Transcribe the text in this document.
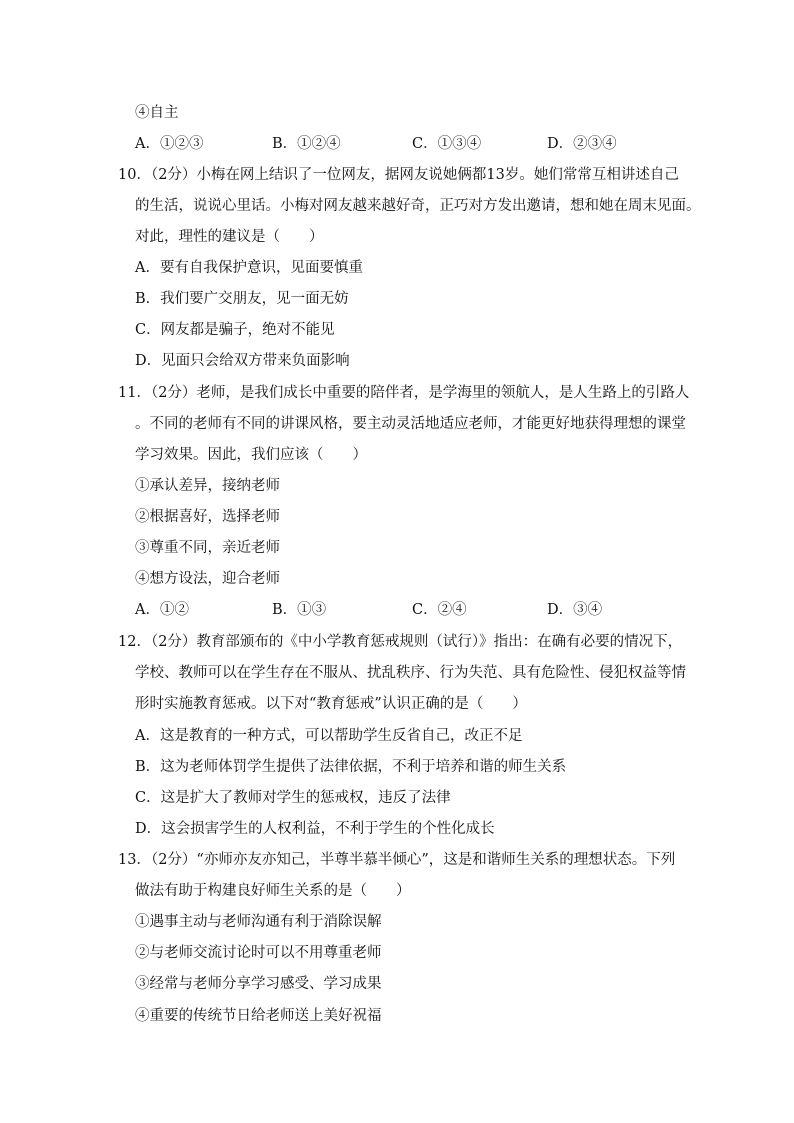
④自主
A．①②③	B．①②④	C．①③④	D．②③④
10．（2分）小梅在网上结识了一位网友，据网友说她俩都13岁。她们常常互相讲述自己
的生活，说说心里话。小梅对网友越来越好奇，正巧对方发出邀请，想和她在周末见面。
对此，理性的建议是（　　）
A．要有自我保护意识，见面要慎重
B．我们要广交朋友，见一面无妨
C．网友都是骗子，绝对不能见
D．见面只会给双方带来负面影响
11．（2分）老师，是我们成长中重要的陪伴者，是学海里的领航人，是人生路上的引路人
。不同的老师有不同的讲课风格，要主动灵活地适应老师，才能更好地获得理想的课堂
学习效果。因此，我们应该（　　）
①承认差异，接纳老师
②根据喜好，选择老师
③尊重不同，亲近老师
④想方设法，迎合老师
A．①②	B．①③	C．②④	D．③④
12．（2分）教育部颁布的《中小学教育惩戒规则（试行）》指出：在确有必要的情况下，
学校、教师可以在学生存在不服从、扰乱秩序、行为失范、具有危险性、侵犯权益等情
形时实施教育惩戒。以下对“教育惩戒”认识正确的是（　　）
A．这是教育的一种方式，可以帮助学生反省自己，改正不足
B．这为老师体罚学生提供了法律依据，不利于培养和谐的师生关系
C．这是扩大了教师对学生的惩戒权，违反了法律
D．这会损害学生的人权利益，不利于学生的个性化成长
13．（2分）“亦师亦友亦知己，半尊半慕半倾心”，这是和谐师生关系的理想状态。下列
做法有助于构建良好师生关系的是（　　）
①遇事主动与老师沟通有利于消除误解
②与老师交流讨论时可以不用尊重老师
③经常与老师分享学习感受、学习成果
④重要的传统节日给老师送上美好祝福
